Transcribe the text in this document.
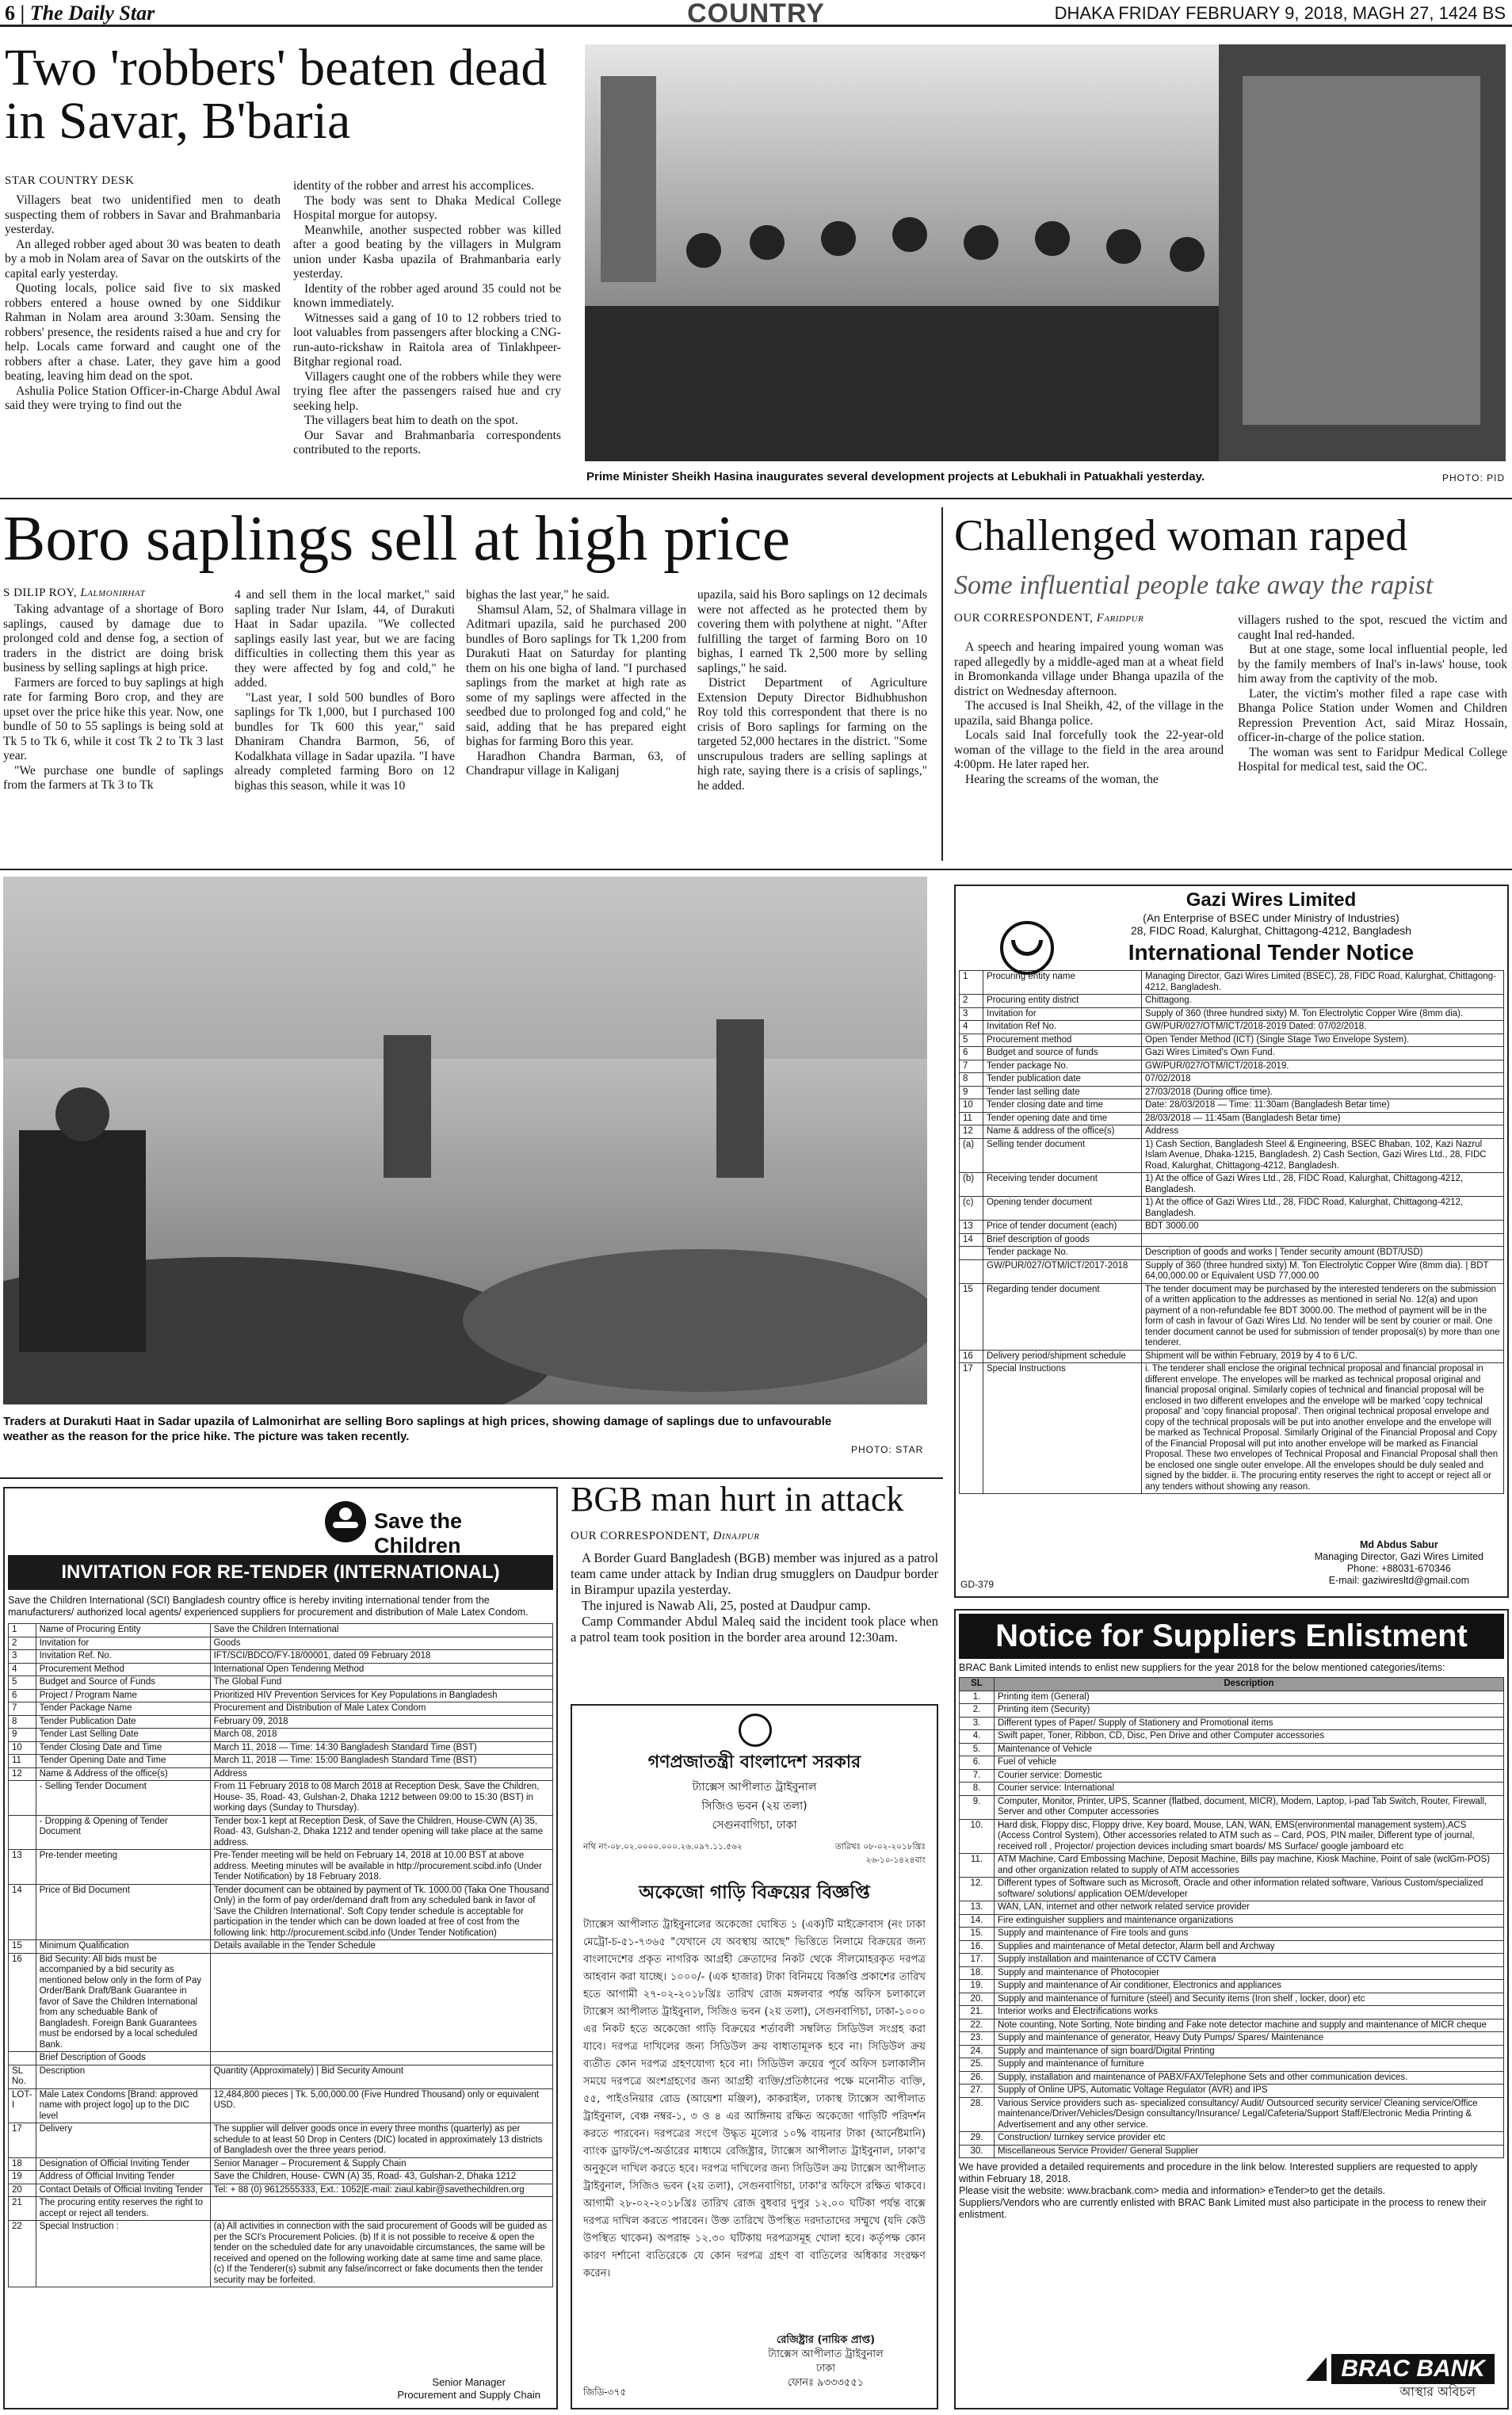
6 | The Daily Star	COUNTRY	DHAKA FRIDAY FEBRUARY 9, 2018, MAGH 27, 1424 BS
Two 'robbers' beaten dead in Savar, B'baria
STAR COUNTRY DESK

Villagers beat two unidentified men to death suspecting them of robbers in Savar and Brahmanbaria yesterday.

An alleged robber aged about 30 was beaten to death by a mob in Nolam area of Savar on the outskirts of the capital early yesterday.

Quoting locals, police said five to six masked robbers entered a house owned by one Siddikur Rahman in Nolam area around 3:30am. Sensing the robbers' presence, the residents raised a hue and cry for help. Locals came forward and caught one of the robbers after a chase. Later, they gave him a good beating, leaving him dead on the spot.

Ashulia Police Station Officer-in-Charge Abdul Awal said they were trying to find out the

identity of the robber and arrest his accomplices.

The body was sent to Dhaka Medical College Hospital morgue for autopsy.

Meanwhile, another suspected robber was killed after a good beating by the villagers in Mulgram union under Kasba upazila of Brahmanbaria early yesterday.

Identity of the robber aged around 35 could not be known immediately.

Witnesses said a gang of 10 to 12 robbers tried to loot valuables from passengers after blocking a CNG-run-auto-rickshaw in Raitola area of Tinlakhpeer-Bitghar regional road.

Villagers caught one of the robbers while they were trying flee after the passengers raised hue and cry seeking help.

The villagers beat him to death on the spot.

Our Savar and Brahmanbaria correspondents contributed to the reports.

Prime Minister Sheikh Hasina inaugurates several development projects at Lebukhali in Patuakhali yesterday.	PHOTO: PID
Boro saplings sell at high price
S DILIP ROY, Lalmonirhat

Taking advantage of a shortage of Boro saplings, caused by damage due to prolonged cold and dense fog, a section of traders in the district are doing brisk business by selling saplings at high price.

Farmers are forced to buy saplings at high rate for farming Boro crop, and they are upset over the price hike this year. Now, one bundle of 50 to 55 saplings is being sold at Tk 5 to Tk 6, while it cost Tk 2 to Tk 3 last year.

"We purchase one bundle of saplings from the farmers at Tk 3 to Tk

4 and sell them in the local market," said sapling trader Nur Islam, 44, of Durakuti Haat in Sadar upazila. "We collected saplings easily last year, but we are facing difficulties in collecting them this year as they were affected by fog and cold," he added.

"Last year, I sold 500 bundles of Boro saplings for Tk 1,000, but I purchased 100 bundles for Tk 600 this year," said Dhaniram Chandra Barmon, 56, of Kodalkhata village in Sadar upazila. "I have already completed farming Boro on 12 bighas this season, while it was 10

bighas the last year," he said.

Shamsul Alam, 52, of Shalmara village in Aditmari upazila, said he purchased 200 bundles of Boro saplings for Tk 1,200 from Durakuti Haat on Saturday for planting them on his one bigha of land. "I purchased saplings from the market at high rate as some of my saplings were affected in the seedbed due to prolonged fog and cold," he said, adding that he has prepared eight bighas for farming Boro this year.

Haradhon Chandra Barman, 63, of Chandrapur village in Kaliganj

upazila, said his Boro saplings on 12 decimals were not affected as he protected them by covering them with polythene at night. "After fulfilling the target of farming Boro on 10 bighas, I earned Tk 2,500 more by selling saplings," he said.

District Department of Agriculture Extension Deputy Director Bidhubhushon Roy told this correspondent that there is no crisis of Boro saplings for farming on the targeted 52,000 hectares in the district. "Some unscrupulous traders are selling saplings at high rate, saying there is a crisis of saplings," he added.

Challenged woman raped
Some influential people take away the rapist
OUR CORRESPONDENT, Faridpur

A speech and hearing impaired young woman was raped allegedly by a middle-aged man at a wheat field in Bromonkanda village under Bhanga upazila of the district on Wednesday afternoon.

The accused is Inal Sheikh, 42, of the village in the upazila, said Bhanga police.

Locals said Inal forcefully took the 22-year-old woman of the village to the field in the area around 4:00pm. He later raped her.

Hearing the screams of the woman, the

villagers rushed to the spot, rescued the victim and caught Inal red-handed.

But at one stage, some local influential people, led by the family members of Inal's in-laws' house, took him away from the captivity of the mob.

Later, the victim's mother filed a rape case with Bhanga Police Station under Women and Children Repression Prevention Act, said Miraz Hossain, officer-in-charge of the police station.

The woman was sent to Faridpur Medical College Hospital for medical test, said the OC.

Traders at Durakuti Haat in Sadar upazila of Lalmonirhat are selling Boro saplings at high prices, showing damage of saplings due to unfavourable weather as the reason for the price hike. The picture was taken recently.
PHOTO: STAR
Gazi Wires Limited
(An Enterprise of BSEC under Ministry of Industries)
28, FIDC Road, Kalurghat, Chittagong-4212, Bangladesh
International Tender Notice
1	Procuring entity name	Managing Director, Gazi Wires Limited (BSEC), 28, FIDC Road, Kalurghat, Chittagong-4212, Bangladesh.
2	Procuring entity district	Chittagong.
3	Invitation for	Supply of 360 (three hundred sixty) M. Ton Electrolytic Copper Wire (8mm dia).
4	Invitation Ref No.	GW/PUR/027/OTM/ICT/2018-2019 Dated: 07/02/2018.
5	Procurement method	Open Tender Method (ICT) (Single Stage Two Envelope System).
6	Budget and source of funds	Gazi Wires Limited's Own Fund.
7	Tender package No.	GW/PUR/027/OTM/ICT/2018-2019.
8	Tender publication date	07/02/2018
9	Tender last selling date	27/03/2018 (During office time).
10	Tender closing date and time	Date: 28/03/2018 — Time: 11:30am (Bangladesh Betar time)
11	Tender opening date and time	28/03/2018 — 11:45am (Bangladesh Betar time)
12	Name & address of the office(s)	Address
(a)	Selling tender document	1) Cash Section, Bangladesh Steel & Engineering, BSEC Bhaban, 102, Kazi Nazrul Islam Avenue, Dhaka-1215, Bangladesh. 2) Cash Section, Gazi Wires Ltd., 28, FIDC Road, Kalurghat, Chittagong-4212, Bangladesh.
(b)	Receiving tender document	1) At the office of Gazi Wires Ltd., 28, FIDC Road, Kalurghat, Chittagong-4212, Bangladesh.
(c)	Opening tender document	1) At the office of Gazi Wires Ltd., 28, FIDC Road, Kalurghat, Chittagong-4212, Bangladesh.
13	Price of tender document (each)	BDT 3000.00
14	Brief description of goods	
	Tender package No.	Description of goods and works | Tender security amount (BDT/USD)
	GW/PUR/027/OTM/ICT/2017-2018	Supply of 360 (three hundred sixty) M. Ton Electrolytic Copper Wire (8mm dia). | BDT 64,00,000.00 or Equivalent USD 77,000.00
15	Regarding tender document	The tender document may be purchased by the interested tenderers on the submission of a written application to the addresses as mentioned in serial No. 12(a) and upon payment of a non-refundable fee BDT 3000.00. The method of payment will be in the form of cash in favour of Gazi Wires Ltd. No tender will be sent by courier or mail. One tender document cannot be used for submission of tender proposal(s) by more than one tenderer.
16	Delivery period/shipment schedule	Shipment will be within February, 2019 by 4 to 6 L/C.
17	Special Instructions	i. The tenderer shall enclose the original technical proposal and financial proposal in different envelope. The envelopes will be marked as technical proposal original and financial proposal original. Similarly copies of technical and financial proposal will be enclosed in two different envelopes and the envelope will be marked 'copy technical proposal' and 'copy financial proposal'. Then original technical proposal envelope and copy of the technical proposals will be put into another envelope and the envelope will be marked as Technical Proposal. Similarly Original of the Financial Proposal and Copy of the Financial Proposal will put into another envelope will be marked as Financial Proposal. These two envelopes of Technical Proposal and Financial Proposal shall then be enclosed one single outer envelope. All the envelopes should be duly sealed and signed by the bidder. ii. The procuring entity reserves the right to accept or reject all or any tenders without showing any reason.
Md Abdus Sabur
Managing Director, Gazi Wires Limited
Phone: +88031-670346
E-mail: gaziwiresltd@gmail.com
GD-379
Save the Children
INVITATION FOR RE-TENDER (INTERNATIONAL)
Save the Children International (SCI) Bangladesh country office is hereby inviting international tender from the manufacturers/ authorized local agents/ experienced suppliers for procurement and distribution of Male Latex Condom.
1	Name of Procuring Entity	Save the Children International
2	Invitation for	Goods
3	Invitation Ref. No.	IFT/SCI/BDCO/FY-18/00001, dated 09 February 2018
4	Procurement Method	International Open Tendering Method
5	Budget and Source of Funds	The Global Fund
6	Project / Program Name	Prioritized HIV Prevention Services for Key Populations in Bangladesh
7	Tender Package Name	Procurement and Distribution of Male Latex Condom
8	Tender Publication Date	February 09, 2018
9	Tender Last Selling Date	March 08, 2018
10	Tender Closing Date and Time	March 11, 2018 — Time: 14:30 Bangladesh Standard Time (BST)
11	Tender Opening Date and Time	March 11, 2018 — Time: 15:00 Bangladesh Standard Time (BST)
12	Name & Address of the office(s)	Address
	- Selling Tender Document	From 11 February 2018 to 08 March 2018 at Reception Desk, Save the Children, House- 35, Road- 43, Gulshan-2, Dhaka 1212 between 09:00 to 15:30 (BST) in working days (Sunday to Thursday).
	- Dropping & Opening of Tender Document	Tender box-1 kept at Reception Desk, of Save the Children, House-CWN (A) 35, Road- 43, Gulshan-2, Dhaka 1212 and tender opening will take place at the same address.
13	Pre-tender meeting	Pre-Tender meeting will be held on February 14, 2018 at 10.00 BST at above address. Meeting minutes will be available in http://procurement.scibd.info (Under Tender Notification) by 18 February 2018.
14	Price of Bid Document	Tender document can be obtained by payment of Tk. 1000.00 (Taka One Thousand Only) in the form of pay order/demand draft from any scheduled bank in favor of 'Save the Children International'. Soft Copy tender schedule is acceptable for participation in the tender which can be down loaded at free of cost from the following link: http://procurement.scibd.info (Under Tender Notification)
15	Minimum Qualification	Details available in the Tender Schedule
16	Bid Security: All bids must be accompanied by a bid security as mentioned below only in the form of Pay Order/Bank Draft/Bank Guarantee in favor of Save the Children International from any scheduable Bank of Bangladesh. Foreign Bank Guarantees must be endorsed by a local scheduled Bank.	
	Brief Description of Goods	
SL No.	Description	Quantity (Approximately) | Bid Security Amount
LOT-I	Male Latex Condoms [Brand: approved name with project logo] up to the DIC level	12,484,800 pieces | Tk. 5,00,000.00 (Five Hundred Thousand) only or equivalent USD.
17	Delivery	The supplier will deliver goods once in every three months (quarterly) as per schedule to at least 50 Drop in Centers (DIC) located in approximately 13 districts of Bangladesh over the three years period.
18	Designation of Official Inviting Tender	Senior Manager – Procurement & Supply Chain
19	Address of Official Inviting Tender	Save the Children, House- CWN (A) 35, Road- 43, Gulshan-2, Dhaka 1212
20	Contact Details of Official Inviting Tender	Tel: + 88 (0) 9612555333, Ext.: 1052|E-mail: ziaul.kabir@savethechildren.org
21	The procuring entity reserves the right to accept or reject all tenders.	
22	Special Instruction :	(a) All activities in connection with the said procurement of Goods will be guided as per the SCI's Procurement Policies. (b) If it is not possible to receive & open the tender on the scheduled date for any unavoidable circumstances, the same will be received and opened on the following working date at same time and same place. (c) If the Tenderer(s) submit any false/incorrect or fake documents then the tender security may be forfeited.
Senior Manager
Procurement and Supply Chain
BGB man hurt in attack
OUR CORRESPONDENT, Dinajpur

A Border Guard Bangladesh (BGB) member was injured as a patrol team came under attack by Indian drug smugglers on Daudpur border in Birampur upazila yesterday.

The injured is Nawab Ali, 25, posted at Daudpur camp.

Camp Commander Abdul Maleq said the incident took place when a patrol team took position in the border area around 12:30am.

গণপ্রজাতন্ত্রী বাংলাদেশ সরকার
ট্যাক্সেস আপীলাত ট্রাইবুনাল
সিজিও ভবন (২য় তলা)
সেগুনবাগিচা, ঢাকা
নথি নং-০৮.০২.০০০০.০০০.২৬.০৯৭.১১.৫৬২	তারিখঃ ০৮-০২-২০১৮খ্রিঃ
২৬-১০-১৪২৪বাং
অকেজো গাড়ি বিক্রয়ের বিজ্ঞপ্তি
ট্যাক্সেস আপীলাত ট্রাইবুনালের অকেজো ঘোষিত ১ (এক)টি মাইক্রোবাস (নং ঢাকা মেট্রো-চ-৫১-৭৩৬৫ "যেখানে যে অবস্থায় আছে" ভিত্তিতে নিলামে বিক্রয়ের জন্য বাংলাদেশের প্রকৃত নাগরিক আগ্রহী ক্রেতাদের নিকট থেকে সীলমোহরকৃত দরপত্র আহবান করা যাচ্ছে। ১০০০/- (এক হাজার) টাকা বিনিময়ে বিজ্ঞপ্তি প্রকাশের তারিখ হতে আগামী ২৭-০২-২০১৮খ্রিঃ তারিখ রোজ মঙ্গলবার পর্যন্ত অফিস চলাকালে ট্যাক্সেস আপীলাত ট্রাইবুনাল, সিজিও ভবন (২য় তলা), সেগুনবাগিচা, ঢাকা-১০০০ এর নিকট হতে অকেজো গাড়ি বিক্রয়ের শর্তাবলী সম্বলিত সিডিউল সংগ্রহ করা যাবে। দরপত্র দাখিলের জন্য সিডিউল ক্রয় বাধ্যতামূলক হবে না। সিডিউল ক্রয় ব্যতীত কোন দরপত্র গ্রহণযোগ্য হবে না। সিডিউল ক্রয়ের পূর্বে অফিস চলাকালীন সময়ে দরপত্রে অংশগ্রহণের জন্য আগ্রহী ব্যক্তি/প্রতিষ্ঠানের পক্ষে মনোনীত ব্যক্তি, ৫৫, পাইওনিয়ার রোড (আয়েশা মঞ্জিল), কাকরাইল, ঢাকাস্থ ট্যাক্সেস আপীলাত ট্রাইবুনাল, বেঞ্চ নম্বর-১, ৩ ও ৪ এর আঙ্গিনায় রক্ষিত অকেজো গাড়িটি পরিদর্শন করতে পারবেন। দরপত্রের সংগে উদ্ধৃত মূল্যের ১০% বায়নার টাকা (আর্নেষ্টমানি) ব্যাংক ড্রাফট/পে-অর্ডারের মাধ্যমে রেজিষ্ট্রার, ট্যাক্সেস আপীলাত ট্রাইবুনাল, ঢাকা'র অনুকূলে দাখিল করতে হবে। দরপত্র দাখিলের জন্য সিডিউল ক্রয় ট্যাক্সেস আপীলাত ট্রাইবুনাল, সিজিও ভবন (২য় তলা), সেগুনবাগিচা, ঢাকা'র অফিসে রক্ষিত থাকবে। আগামী ২৮-০২-২০১৮খ্রিঃ তারিখ রোজ বুধবার দুপুর ১২.০০ ঘটিকা পর্যন্ত বাক্সে দরপত্র দাখিল করতে পারবেন। উক্ত তারিখে উপস্থিত দরদাতাদের সম্মুখে (যদি কেউ উপস্থিত থাকেন) অপরাহ্ন ১২.৩০ ঘটিকায় দরপত্রসমূহ খোলা হবে। কর্তৃপক্ষ কোন কারণ দর্শানো ব্যতিরেকে যে কোন দরপত্র গ্রহণ বা বাতিলের অধিকার সংরক্ষণ করেন।
রেজিষ্ট্রার (নায়িক প্রাপ্ত)
ট্যাক্সেস আপীলাত ট্রাইবুনাল
ঢাকা
ফোনঃ ৯৩৩৩৫৫১
জিডি-৩৭৫
Notice for Suppliers Enlistment
BRAC Bank Limited intends to enlist new suppliers for the year 2018 for the below mentioned categories/items:
SL	Description
1.	Printing item (General)
2.	Printing item (Security)
3.	Different types of Paper/ Supply of Stationery and Promotional items
4.	Swift paper, Toner, Ribbon, CD, Disc, Pen Drive and other Computer accessories
5.	Maintenance of Vehicle
6.	Fuel of vehicle
7.	Courier service: Domestic
8.	Courier service: International
9.	Computer, Monitor, Printer, UPS, Scanner (flatbed, document, MICR), Modem, Laptop, i-pad Tab Switch, Router, Firewall, Server and other Computer accessories
10.	Hard disk, Floppy disc, Floppy drive, Key board, Mouse, LAN, WAN, EMS(environmental management system),ACS (Access Control System), Other accessories related to ATM such as – Card, POS, PIN mailer, Different type of journal, received roll , Projector/ projection devices including smart boards/ MS Surface/ google jamboard etc
11.	ATM Machine, Card Embossing Machine, Deposit Machine, Bills pay machine, Kiosk Machine, Point of sale (wclGm-POS) and other organization related to supply of ATM accessories
12.	Different types of Software such as Microsoft, Oracle and other information related software, Various Custom/specialized software/ solutions/ application OEM/developer
13.	WAN, LAN, internet and other network related service provider
14.	Fire extinguisher suppliers and maintenance organizations
15.	Supply and maintenance of Fire tools and guns
16.	Supplies and maintenance of Metal detector, Alarm bell and Archway
17.	Supply installation and maintenance of CCTV Camera
18.	Supply and maintenance of Photocopier
19.	Supply and maintenance of Air conditioner, Electronics and appliances
20.	Supply and maintenance of furniture (steel) and Security items (Iron shelf , locker, door) etc
21.	Interior works and Electrifications works
22.	Note counting, Note Sorting, Note binding and Fake note detector machine and supply and maintenance of MICR cheque
23.	Supply and maintenance of generator, Heavy Duty Pumps/ Spares/ Maintenance
24.	Supply and maintenance of sign board/Digital Printing
25.	Supply and maintenance of furniture
26.	Supply, installation and maintenance of PABX/FAX/Telephone Sets and other communication devices.
27.	Supply of Online UPS, Automatic Voltage Regulator (AVR) and IPS
28.	Various Service providers such as- specialized consultancy/ Audit/ Outsourced security service/ Cleaning service/Office maintenance/Driver/Vehicles/Design consultancy/Insurance/ Legal/Cafeteria/Support Staff/Electronic Media Printing & Advertisement and any other service.
29.	Construction/ turnkey service provider etc
30.	Miscellaneous Service Provider/ General Supplier
We have provided a detailed requirements and procedure in the link below. Interested suppliers are requested to apply within February 18, 2018.
Please visit the website: www.bracbank.com> media and information> eTender>to get the details.
Suppliers/Vendors who are currently enlisted with BRAC Bank Limited must also participate in the process to renew their enlistment.
BRAC BANK
আস্থার অবিচল
